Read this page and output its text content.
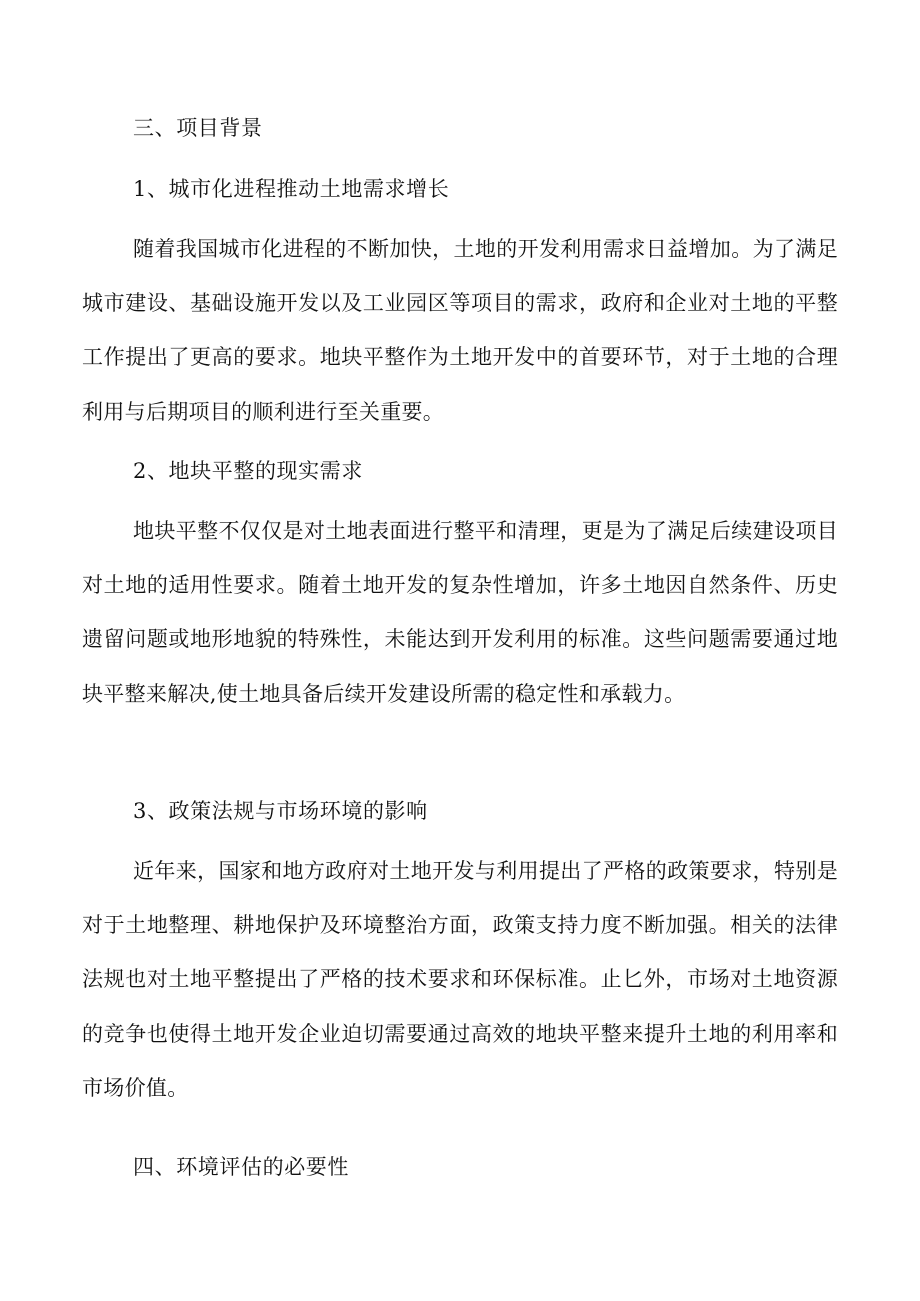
三、项目背景
1、城市化进程推动土地需求增长
随着我国城市化进程的不断加快，土地的开发利用需求日益增加。为了满足城市建设、基础设施开发以及工业园区等项目的需求，政府和企业对土地的平整工作提出了更高的要求。地块平整作为土地开发中的首要环节，对于土地的合理利用与后期项目的顺利进行至关重要。
2、地块平整的现实需求
地块平整不仅仅是对土地表面进行整平和清理，更是为了满足后续建设项目对土地的适用性要求。随着土地开发的复杂性增加，许多土地因自然条件、历史遗留问题或地形地貌的特殊性，未能达到开发利用的标准。这些问题需要通过地块平整来解决,使土地具备后续开发建设所需的稳定性和承载力。
3、政策法规与市场环境的影响
近年来，国家和地方政府对土地开发与利用提出了严格的政策要求，特别是对于土地整理、耕地保护及环境整治方面，政策支持力度不断加强。相关的法律法规也对土地平整提出了严格的技术要求和环保标准。止匕外，市场对土地资源的竞争也使得土地开发企业迫切需要通过高效的地块平整来提升土地的利用率和市场价值。
四、环境评估的必要性
